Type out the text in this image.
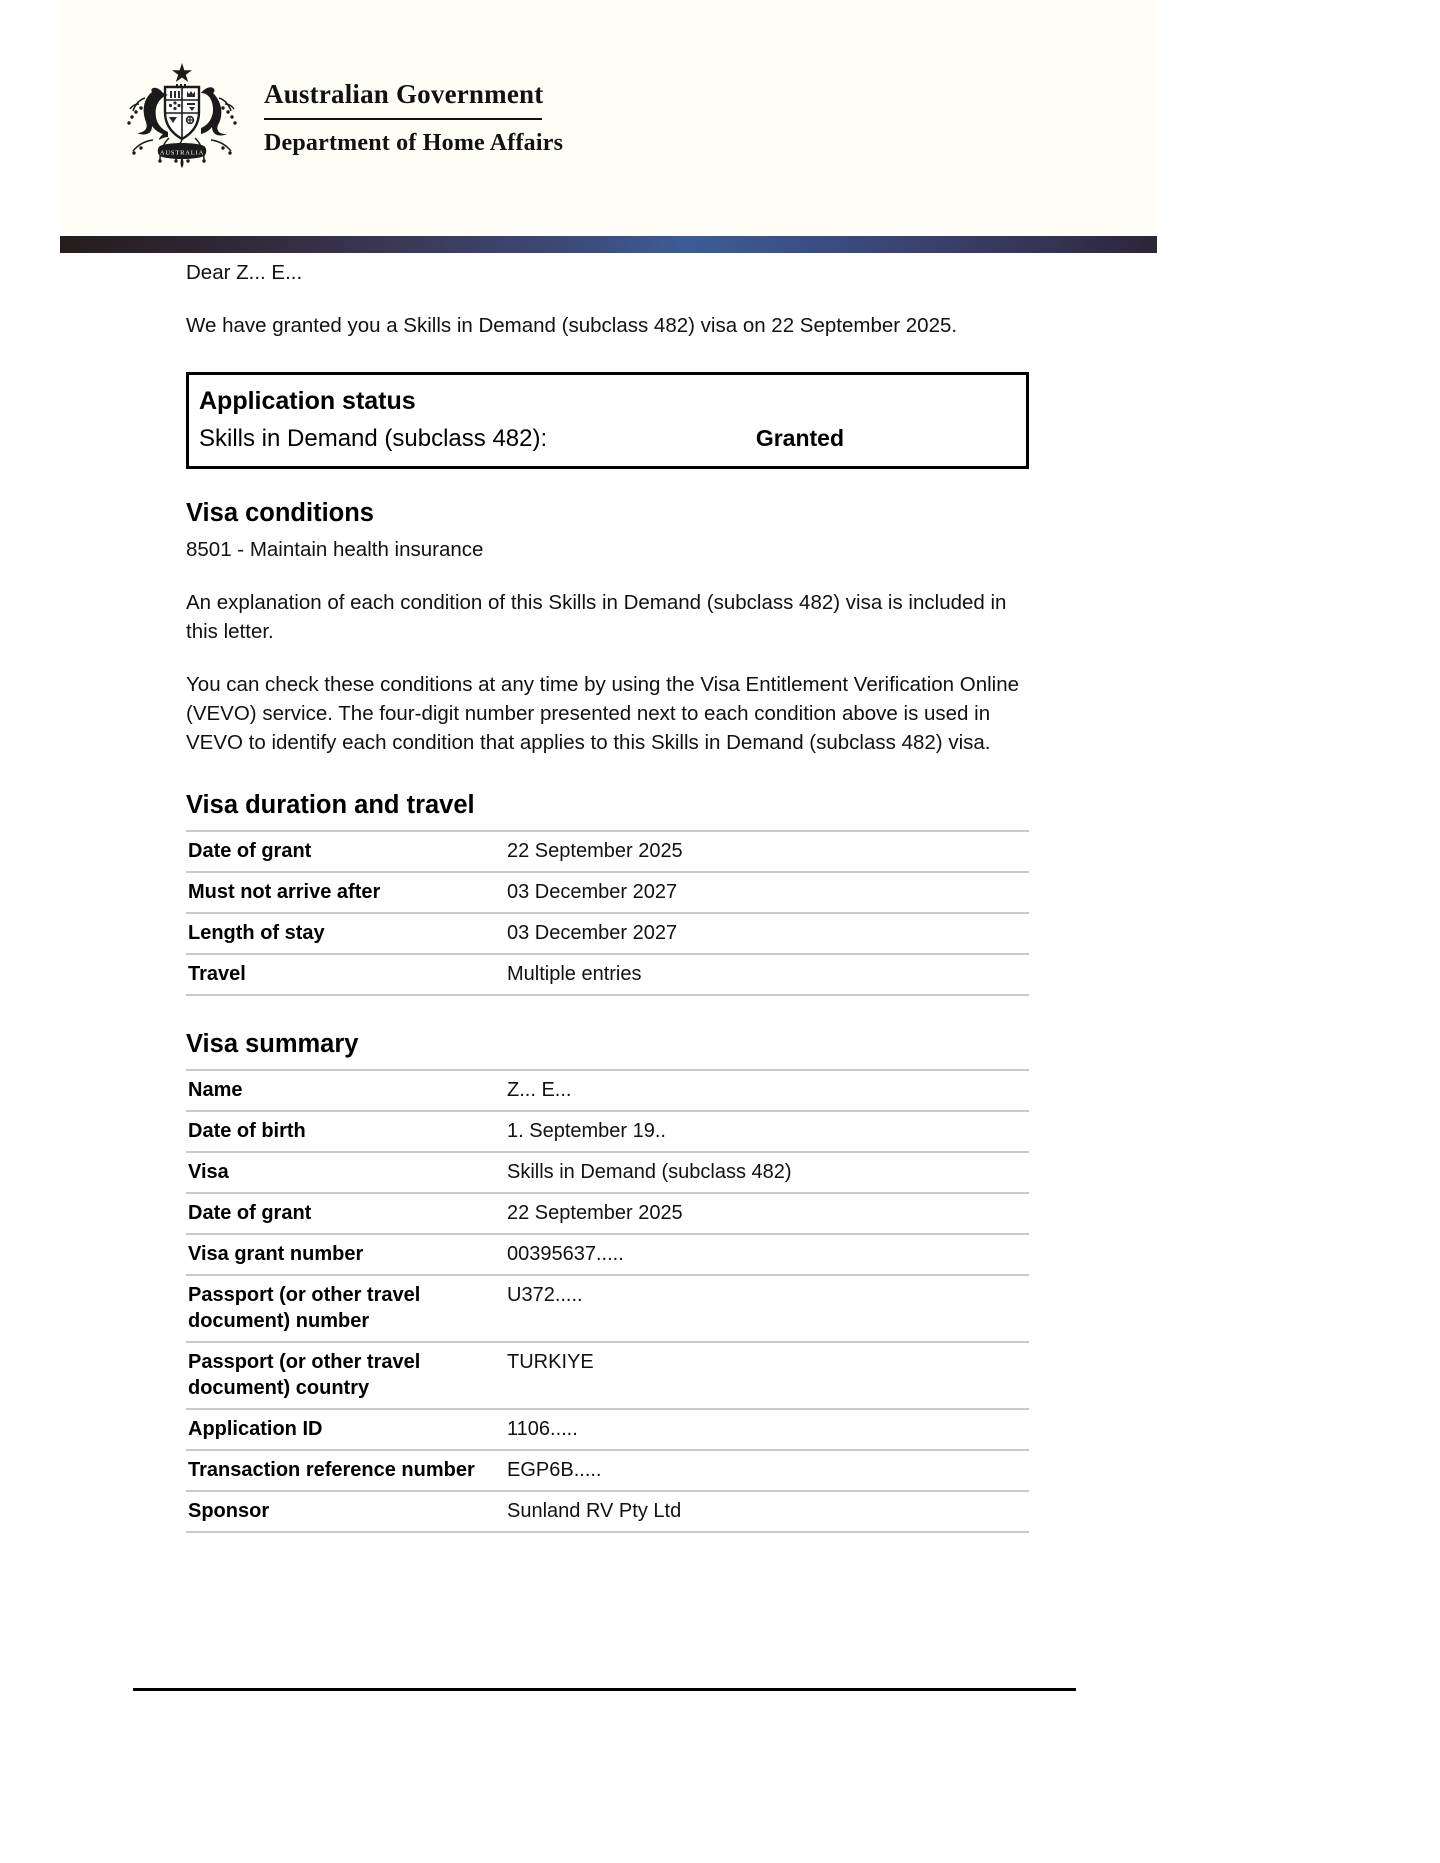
AUSTRALIA
Australian Government
Department of Home Affairs

Dear Z... E...

We have granted you a Skills in Demand (subclass 482) visa on 22 September 2025.

Application status
Skills in Demand (subclass 482):	Granted
Visa conditions

8501 - Maintain health insurance

An explanation of each condition of this Skills in Demand (subclass 482) visa is included in this letter.

You can check these conditions at any time by using the Visa Entitlement Verification Online (VEVO) service. The four-digit number presented next to each condition above is used in VEVO to identify each condition that applies to this Skills in Demand (subclass 482) visa.

Visa duration and travel
Date of grant	22 September 2025
Must not arrive after	03 December 2027
Length of stay	03 December 2027
Travel	Multiple entries
Visa summary
Name	Z... E...
Date of birth	1. September 19..
Visa	Skills in Demand (subclass 482)
Date of grant	22 September 2025
Visa grant number	00395637.....
Passport (or other travel document) number	U372.....
Passport (or other travel document) country	TURKIYE
Application ID	1106.....
Transaction reference number	EGP6B.....
Sponsor	Sunland RV Pty Ltd
